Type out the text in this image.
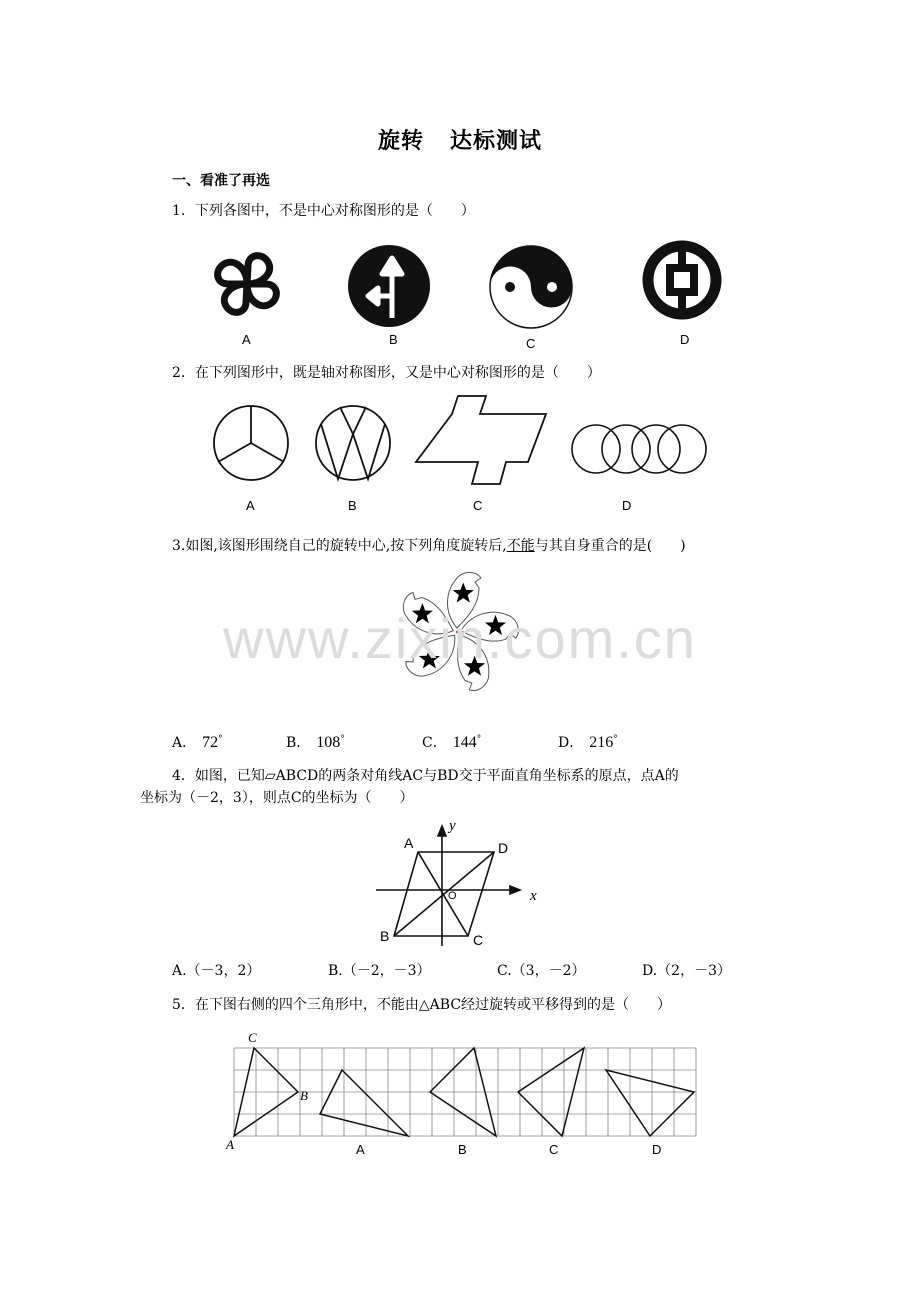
旋转 达标测试
一、看准了再选
1．下列各图中，不是中心对称图形的是（　　）
A	B	C	D
2．在下列图形中，既是轴对称图形，又是中心对称图形的是（　　）
A	B	C	D
3.如图,该图形围绕自己的旋转中心,按下列角度旋转后,不能与其自身重合的是(　　)
A． 72°	B． 108°	C． 144°	D． 216°
4．如图，已知▱ABCD的两条对角线AC与BD交于平面直角坐标系的原点，点A的
坐标为（－2，3），则点C的坐标为（　　）
y
x
A	D
O
B	C
A.（－3，2）	B.（－2，－3）	C.（3，－2）	D.（2，－3）
5．在下图右侧的四个三角形中，不能由△ABC经过旋转或平移得到的是（　　）
C
B
A	A	B	C	D
www.zixin.com.cn
